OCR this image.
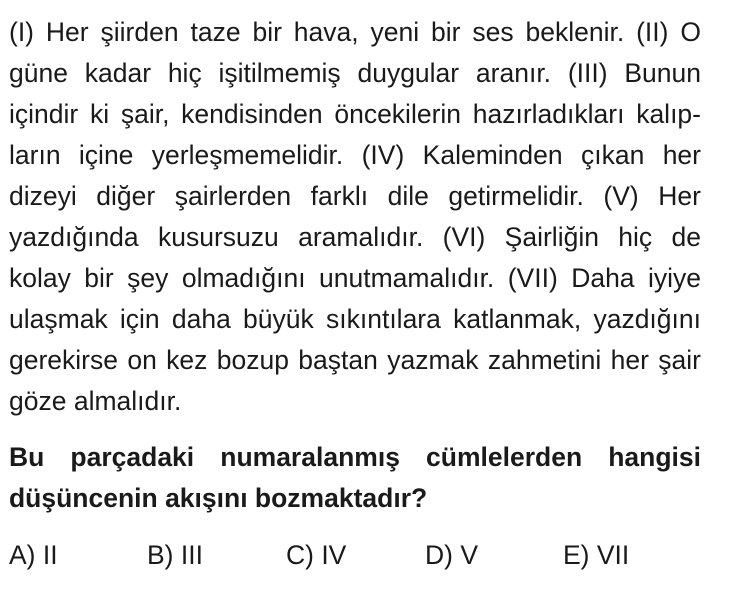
(I) Her şiirden taze bir hava, yeni bir ses beklenir. (II) O
güne kadar hiç işitilmemiş duygular aranır. (III) Bunun
içindir ki şair, kendisinden öncekilerin hazırladıkları kalıp-
ların içine yerleşmemelidir. (IV) Kaleminden çıkan her
dizeyi diğer şairlerden farklı dile getirmelidir. (V) Her
yazdığında kusursuzu aramalıdır. (VI) Şairliğin hiç de
kolay bir şey olmadığını unutmamalıdır. (VII) Daha iyiye
ulaşmak için daha büyük sıkıntılara katlanmak, yazdığını
gerekirse on kez bozup baştan yazmak zahmetini her şair
göze almalıdır.
Bu parçadaki numaralanmış cümlelerden hangisi
düşüncenin akışını bozmaktadır?
A) II	B) III	C) IV	D) V	E) VII
